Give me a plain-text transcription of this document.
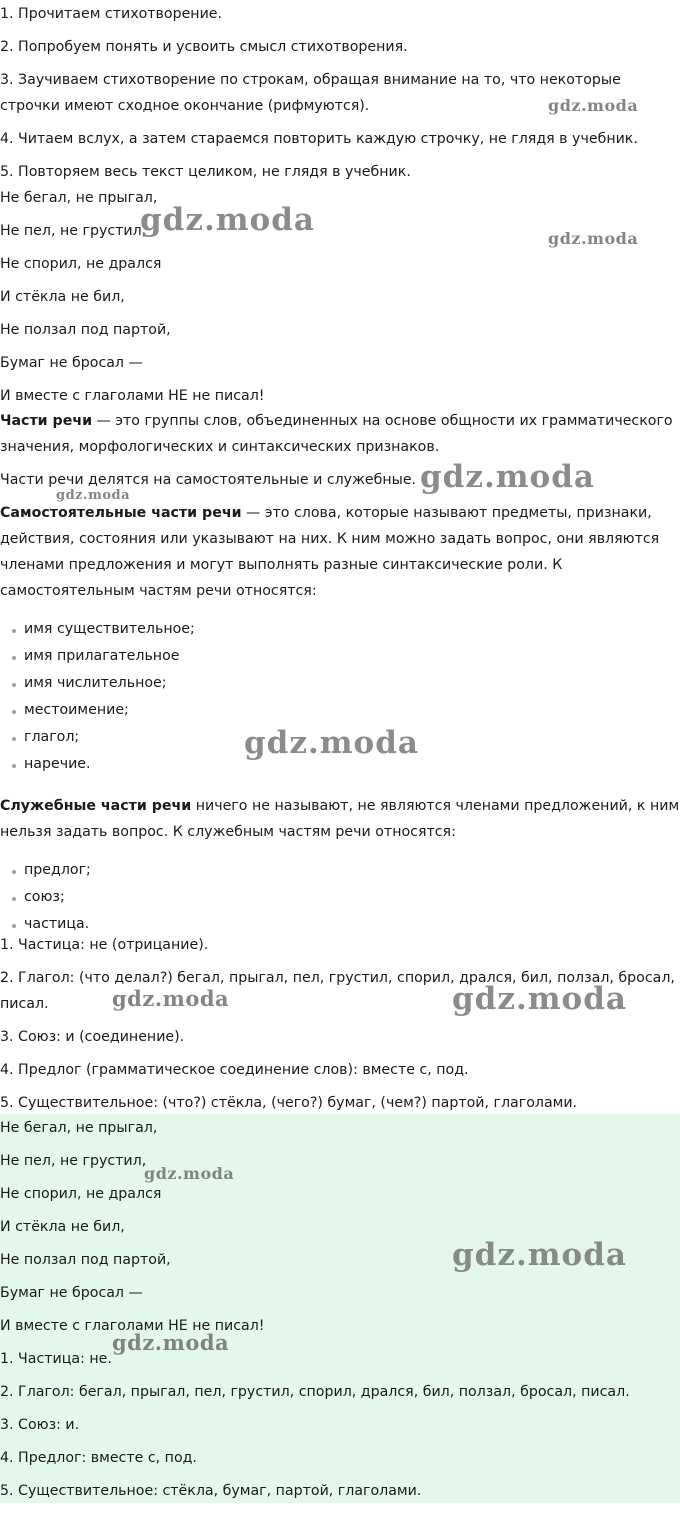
1. Прочитаем стихотворение.
2. Попробуем понять и усвоить смысл стихотворения.
3. Заучиваем стихотворение по строкам, обращая внимание на то, что некоторые
строчки имеют сходное окончание (рифмуются).
4. Читаем вслух, а затем стараемся повторить каждую строчку, не глядя в учебник.
5. Повторяем весь текст целиком, не глядя в учебник.
Не бегал, не прыгал,
Не пел, не грустил,
Не спорил, не дрался
И стёкла не бил,
Не ползал под партой,
Бумаг не бросал —
И вместе с глаголами НЕ не писал!
Части речи — это группы слов, объединенных на основе общности их грамматического
значения, морфологических и синтаксических признаков.
Части речи делятся на самостоятельные и служебные.
Самостоятельные части речи — это слова, которые называют предметы, признаки,
действия, состояния или указывают на них. К ним можно задать вопрос, они являются
членами предложения и могут выполнять разные синтаксические роли. К
самостоятельным частям речи относятся:
имя существительное;
имя прилагательное
имя числительное;
местоимение;
глагол;
наречие.
Служебные части речи ничего не называют, не являются членами предложений, к ним
нельзя задать вопрос. К служебным частям речи относятся:
предлог;
союз;
частица.
1. Частица: не (отрицание).
2. Глагол: (что делал?) бегал, прыгал, пел, грустил, спорил, дрался, бил, ползал, бросал,
писал.
3. Союз: и (соединение).
4. Предлог (грамматическое соединение слов): вместе с, под.
5. Существительное: (что?) стёкла, (чего?) бумаг, (чем?) партой, глаголами.
Не бегал, не прыгал,
Не пел, не грустил,
Не спорил, не дрался
И стёкла не бил,
Не ползал под партой,
Бумаг не бросал —
И вместе с глаголами НЕ не писал!
1. Частица: не.
2. Глагол: бегал, прыгал, пел, грустил, спорил, дрался, бил, ползал, бросал, писал.
3. Союз: и.
4. Предлог: вместе с, под.
5. Существительное: стёкла, бумаг, партой, глаголами.
gdz.moda
gdz.moda
gdz.moda
gdz.moda
gdz.moda
gdz.moda
gdz.moda	gdz.moda
gdz.moda
gdz.moda
gdz.moda
